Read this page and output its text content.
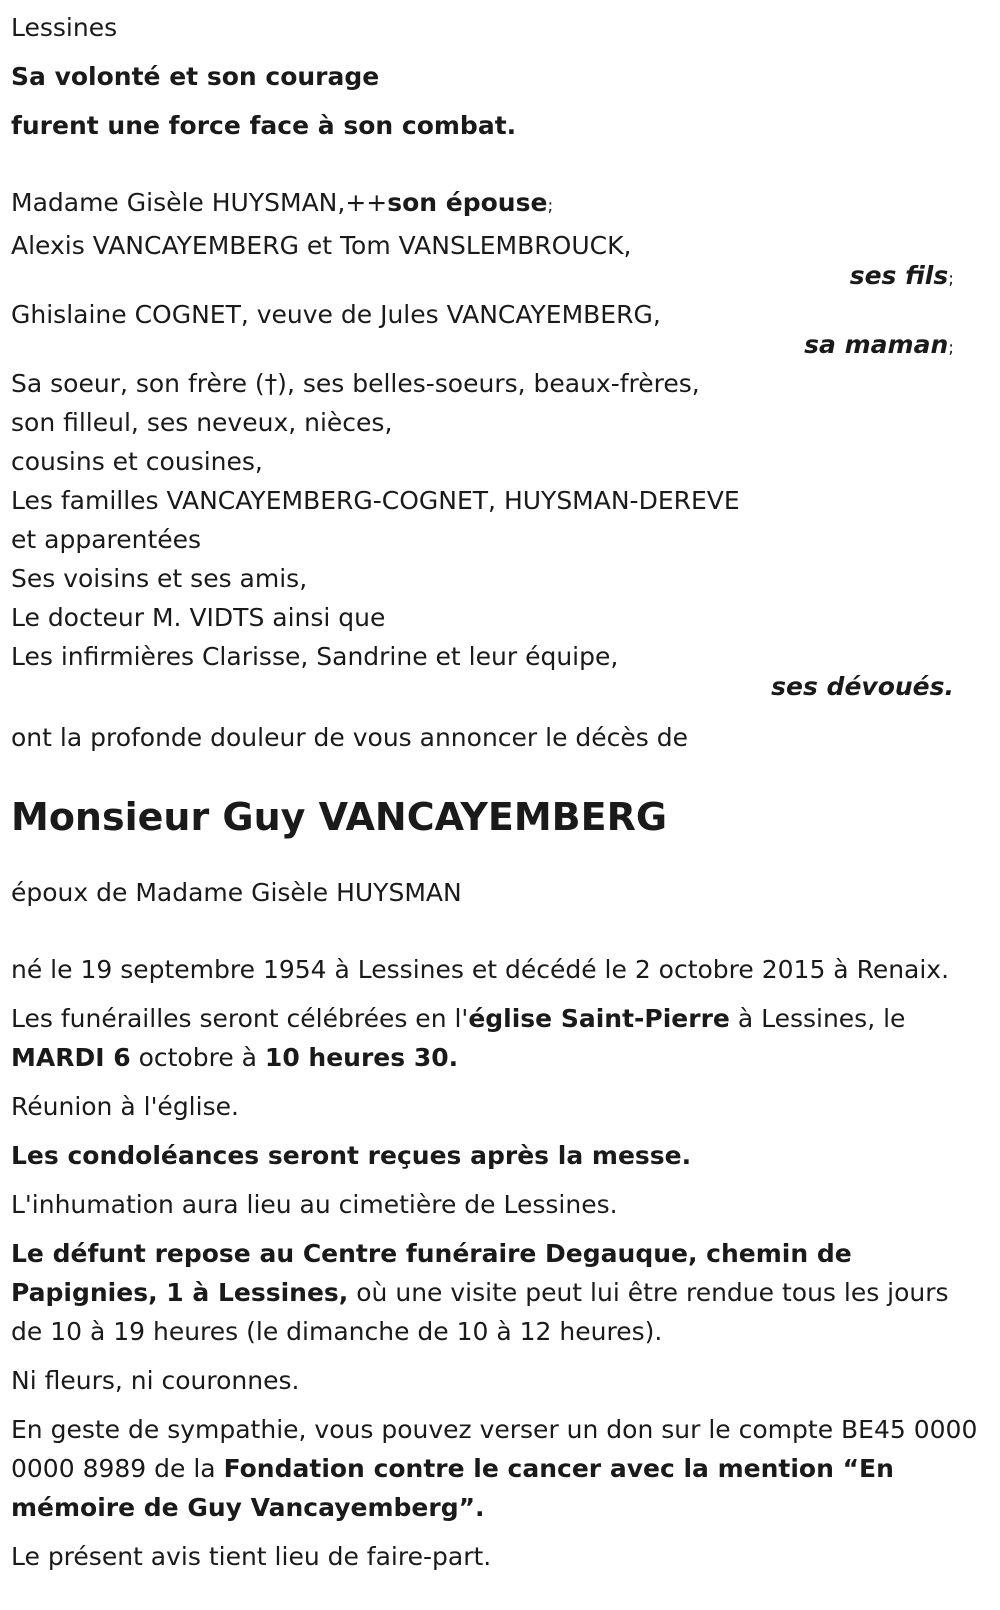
Lessines
Sa volonté et son courage
furent une force face à son combat.
Madame Gisèle HUYSMAN,++son épouse;
Alexis VANCAYEMBERG et Tom VANSLEMBROUCK,
ses fils;
Ghislaine COGNET, veuve de Jules VANCAYEMBERG,
sa maman;
Sa soeur, son frère (†), ses belles-soeurs, beaux-frères,
son filleul, ses neveux, nièces,
cousins et cousines,
Les familles VANCAYEMBERG-COGNET, HUYSMAN-DEREVE
et apparentées
Ses voisins et ses amis,
Le docteur M. VIDTS ainsi que
Les infirmières Clarisse, Sandrine et leur équipe,
ses dévoués.
ont la profonde douleur de vous annoncer le décès de
Monsieur Guy VANCAYEMBERG
époux de Madame Gisèle HUYSMAN
né le 19 septembre 1954 à Lessines et décédé le 2 octobre 2015 à Renaix.

Les funérailles seront célébrées en l'église Saint-Pierre à Lessines, le MARDI 6 octobre à 10 heures 30.

Réunion à l'église.

Les condoléances seront reçues après la messe.

L'inhumation aura lieu au cimetière de Lessines.

Le défunt repose au Centre funéraire Degauque, chemin de Papignies, 1 à Lessines, où une visite peut lui être rendue tous les jours de 10 à 19 heures (le dimanche de 10 à 12 heures).

Ni fleurs, ni couronnes.

En geste de sympathie, vous pouvez verser un don sur le compte BE45 0000 0000 8989 de la Fondation contre le cancer avec la mention “En mémoire de Guy Vancayemberg”.

Le présent avis tient lieu de faire-part.
